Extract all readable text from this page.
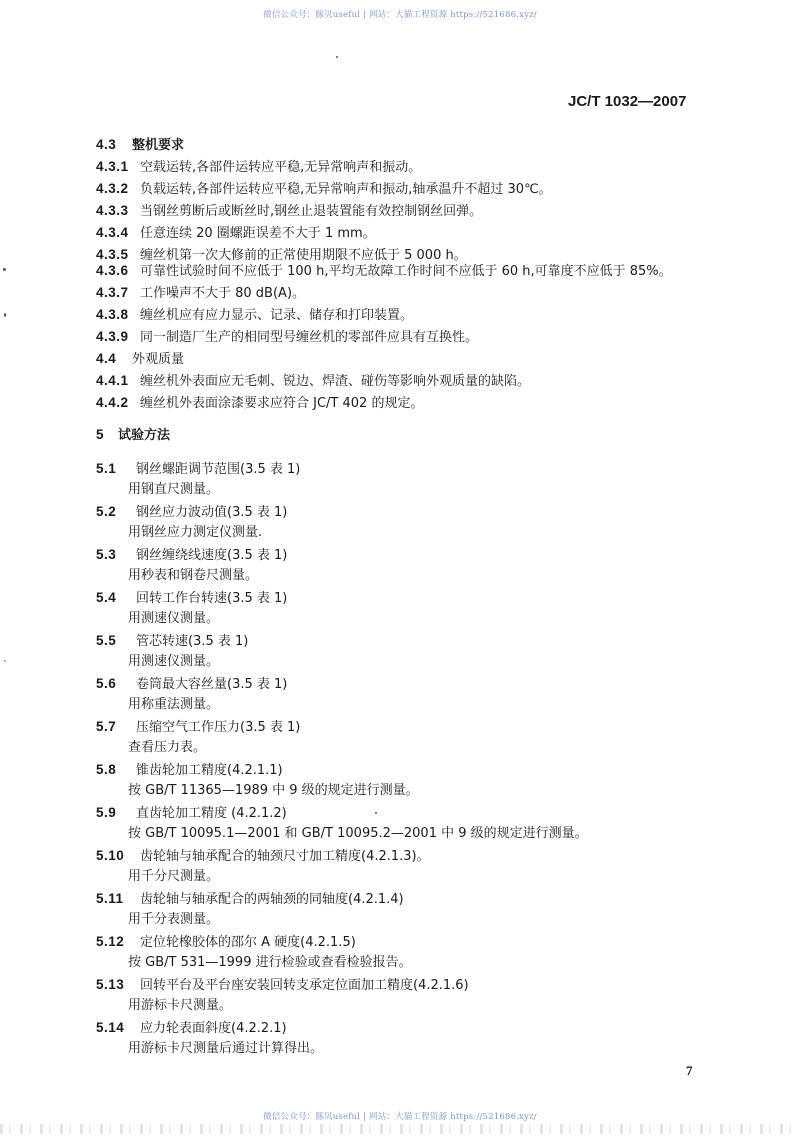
微信公众号：豚贝useful | 网站：大猫工程资源 https://521686.xyz/
JC/T 1032—2007
4.3 整机要求
4.3.1 空载运转,各部件运转应平稳,无异常响声和振动。
4.3.2 负载运转,各部件运转应平稳,无异常响声和振动,轴承温升不超过 30℃。
4.3.3 当钢丝剪断后或断丝时,钢丝止退装置能有效控制钢丝回弹。
4.3.4 任意连续 20 圈螺距误差不大于 1 mm。
4.3.5 缠丝机第一次大修前的正常使用期限不应低于 5 000 h。
4.3.6 可靠性试验时间不应低于 100 h,平均无故障工作时间不应低于 60 h,可靠度不应低于 85%。
4.3.7 工作噪声不大于 80 dB(A)。
4.3.8 缠丝机应有应力显示、记录、储存和打印装置。
4.3.9 同一制造厂生产的相同型号缠丝机的零部件应具有互换性。
4.4 外观质量
4.4.1 缠丝机外表面应无毛刺、锐边、焊渣、碰伤等影响外观质量的缺陷。
4.4.2 缠丝机外表面涂漆要求应符合 JC/T 402 的规定。
5 试验方法
5.1 钢丝螺距调节范围(3.5 表 1)
用钢直尺测量。
5.2 钢丝应力波动值(3.5 表 1)
用钢丝应力测定仪测量.
5.3 钢丝缠绕线速度(3.5 表 1)
用秒表和钢卷尺测量。
5.4 回转工作台转速(3.5 表 1)
用测速仪测量。
5.5 管芯转速(3.5 表 1)
用测速仪测量。
5.6 卷筒最大容丝量(3.5 表 1)
用称重法测量。
5.7 压缩空气工作压力(3.5 表 1)
查看压力表。
5.8 锥齿轮加工精度(4.2.1.1)
按 GB/T 11365—1989 中 9 级的规定进行测量。
5.9 直齿轮加工精度 (4.2.1.2)
按 GB/T 10095.1—2001 和 GB/T 10095.2—2001 中 9 级的规定进行测量。
5.10 齿轮轴与轴承配合的轴颈尺寸加工精度(4.2.1.3)。
用千分尺测量。
5.11 齿轮轴与轴承配合的两轴颈的同轴度(4.2.1.4)
用千分表测量。
5.12 定位轮橡胶体的邵尔 A 硬度(4.2.1.5)
按 GB/T 531—1999 进行检验或查看检验报告。
5.13 回转平台及平台座安装回转支承定位面加工精度(4.2.1.6)
用游标卡尺测量。
5.14 应力轮表面斜度(4.2.2.1)
用游标卡尺测量后通过计算得出。
7
微信公众号：豚贝useful | 网站：大猫工程资源 https://521686.xyz/
